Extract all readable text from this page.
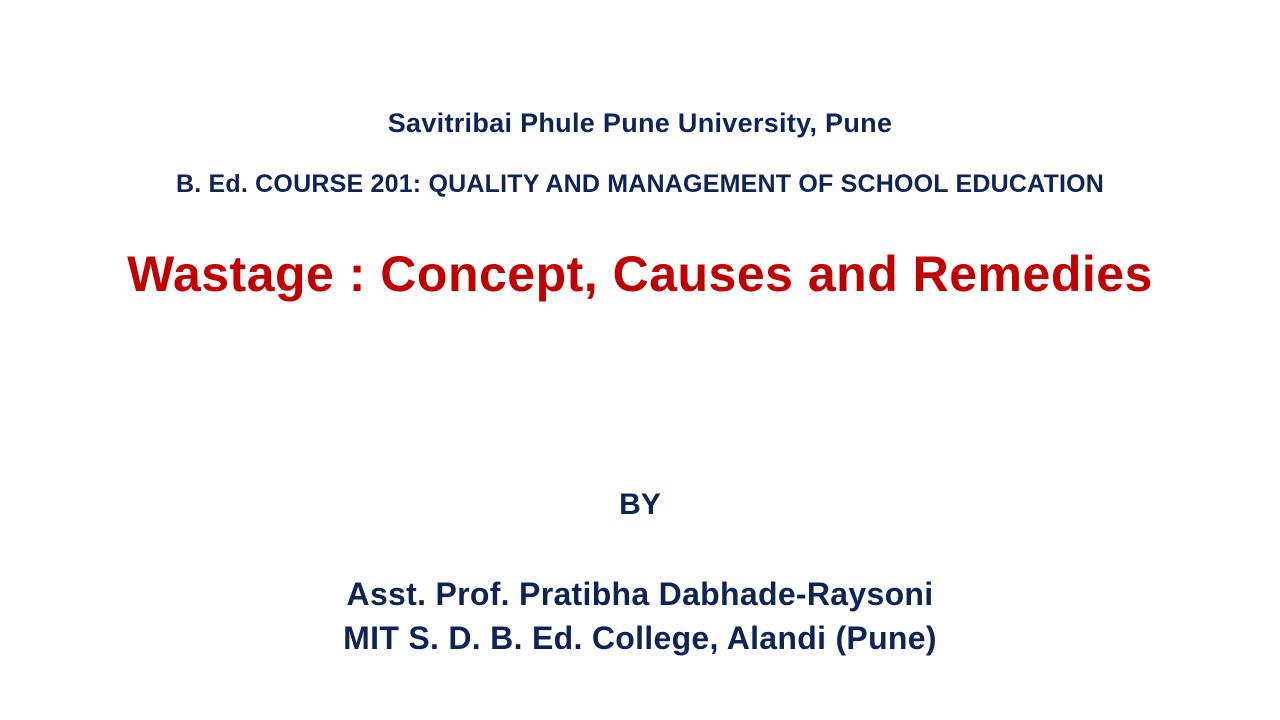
Savitribai Phule Pune University, Pune
B. Ed. COURSE 201: QUALITY AND MANAGEMENT OF SCHOOL EDUCATION
Wastage : Concept, Causes and Remedies
BY
Asst. Prof. Pratibha Dabhade-Raysoni
MIT S. D. B. Ed. College, Alandi (Pune)
